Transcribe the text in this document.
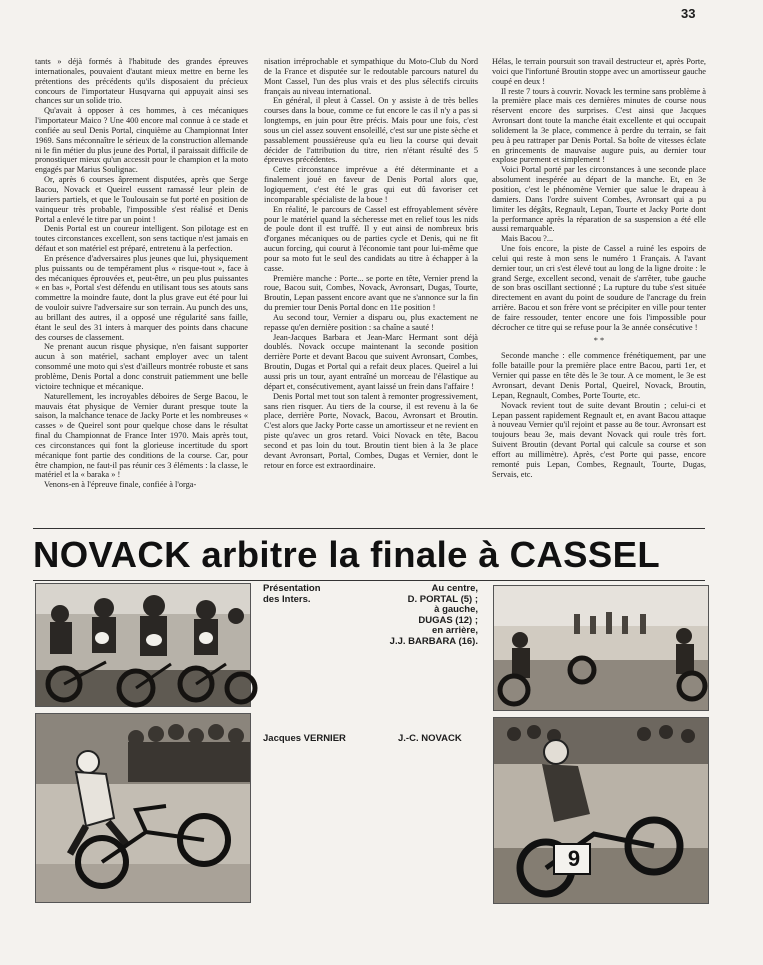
33

tants » déjà formés à l'habitude des grandes épreuves internationales, pouvaient d'autant mieux mettre en berne les prétentions des précédents qu'ils disposaient du précieux concours de l'importateur Husqvarna qui appuyait ainsi ses chances sur un solide trio.

Qu'avait à opposer à ces hommes, à ces mécaniques l'importateur Maico ? Une 400 encore mal connue à ce stade et confiée au seul Denis Portal, cinquième au Championnat Inter 1969. Sans méconnaître le sérieux de la construction allemande ni le fin métier du plus jeune des Portal, il paraissait difficile de pronostiquer mieux qu'un accessit pour le champion et la moto engagés par Marius Soulignac.

Or, après 6 courses âprement disputées, après que Serge Bacou, Novack et Queirel eussent ramassé leur plein de lauriers partiels, et que le Toulousain se fut porté en position de vainqueur très probable, l'impossible s'est réalisé et Denis Portal a enlevé le titre par un point !

Denis Portal est un coureur intelligent. Son pilotage est en toutes circonstances excellent, son sens tactique n'est jamais en défaut et son matériel est préparé, entretenu à la perfection.

En présence d'adversaires plus jeunes que lui, physiquement plus puissants ou de tempérament plus « risque-tout », face à des mécaniques éprouvées et, peut-être, un peu plus puissantes « en bas », Portal s'est défendu en utilisant tous ses atouts sans commettre la moindre faute, dont la plus grave eut été pour lui de vouloir suivre l'adversaire sur son terrain. Au punch des uns, au brillant des autres, il a opposé une régularité sans faille, étant le seul des 31 inters à marquer des points dans chacune des courses de classement.

Ne prenant aucun risque physique, n'en faisant supporter aucun à son matériel, sachant employer avec un talent consommé une moto qui s'est d'ailleurs montrée robuste et sans problème, Denis Portal a donc construit patiemment une belle victoire technique et mécanique.

Naturellement, les incroyables déboires de Serge Bacou, le mauvais état physique de Vernier durant presque toute la saison, la malchance tenace de Jacky Porte et les nombreuses « casses » de Queirel sont pour quelque chose dans le résultat final du Championnat de France Inter 1970. Mais après tout, ces circonstances qui font la glorieuse incertitude du sport mécanique font partie des conditions de la course. Car, pour être champion, ne faut-il pas réunir ces 3 éléments : la classe, le matériel et la « baraka » !

Venons-en à l'épreuve finale, confiée à l'orga-

nisation irréprochable et sympathique du Moto-Club du Nord de la France et disputée sur le redoutable parcours naturel du Mont Cassel, l'un des plus vrais et des plus sélectifs circuits français au niveau international.

En général, il pleut à Cassel. On y assiste à de très belles courses dans la boue, comme ce fut encore le cas il n'y a pas si longtemps, en juin pour être précis. Mais pour une fois, c'est sous un ciel assez souvent ensoleillé, c'est sur une piste sèche et passablement poussiéreuse qu'a eu lieu la course qui devait décider de l'attribution du titre, rien n'étant résulté des 5 épreuves précédentes.

Cette circonstance imprévue a été déterminante et a finalement joué en faveur de Denis Portal alors que, logiquement, c'est été le gras qui eut dû favoriser cet incomparable spécialiste de la boue !

En réalité, le parcours de Cassel est effroyablement sévère pour le matériel quand la sécheresse met en relief tous les nids de poule dont il est truffé. Il y eut ainsi de nombreux bris d'organes mécaniques ou de parties cycle et Denis, qui ne fit aucun forcing, qui courut à l'économie tant pour lui-même que pour sa moto fut le seul des candidats au titre à échapper à la casse.

Première manche : Porte... se porte en tête, Vernier prend la roue, Bacou suit, Combes, Novack, Avronsart, Dugas, Tourte, Broutin, Lepan passent encore avant que ne s'annonce sur la fin du premier tour Denis Portal donc en 11e position !

Au second tour, Vernier a disparu ou, plus exactement ne repasse qu'en dernière position : sa chaîne a sauté !

Jean-Jacques Barbara et Jean-Marc Hermant sont déjà doublés. Novack occupe maintenant la seconde position derrière Porte et devant Bacou que suivent Avronsart, Combes, Broutin, Dugas et Portal qui a refait deux places. Queirel a lui aussi pris un tour, ayant entraîné un morceau de l'élastique au départ et, consécutivement, ayant laissé un frein dans l'affaire !

Denis Portal met tout son talent à remonter progressivement, sans rien risquer. Au tiers de la course, il est revenu à la 6e place, derrière Porte, Novack, Bacou, Avronsart et Broutin. C'est alors que Jacky Porte casse un amortisseur et ne revient en piste qu'avec un gros retard. Voici Novack en tête, Bacou second et pas loin du tout. Broutin tient bien à la 3e place devant Avronsart, Portal, Combes, Dugas et Vernier, dont le retour en force est extraordinaire.

Hélas, le terrain poursuit son travail destructeur et, après Porte, voici que l'infortuné Broutin stoppe avec un amortisseur gauche coupé en deux !

Il reste 7 tours à couvrir. Novack les termine sans problème à la première place mais ces dernières minutes de course nous réservent encore des surprises. C'est ainsi que Jacques Avronsart dont toute la manche était excellente et qui occupait solidement la 3e place, commence à perdre du terrain, se fait peu à peu rattraper par Denis Portal. Sa boîte de vitesses éclate en grincements de mauvaise augure puis, au dernier tour explose purement et simplement !

Voici Portal porté par les circonstances à une seconde place absolument inespérée au départ de la manche. Et, en 3e position, c'est le phénomène Vernier que salue le drapeau à damiers. Dans l'ordre suivent Combes, Avronsart qui a pu limiter les dégâts, Regnault, Lepan, Tourte et Jacky Porte dont la performance après la réparation de sa suspension a été elle aussi remarquable.

Mais Bacou ?...

Une fois encore, la piste de Cassel a ruiné les espoirs de celui qui reste à mon sens le numéro 1 Français. A l'avant dernier tour, un cri s'est élevé tout au long de la ligne droite : le grand Serge, excellent second, venait de s'arrêter, tube gauche de son bras oscillant sectionné ; La rupture du tube s'est située directement en avant du point de soudure de l'ancrage du frein arrière. Bacou et son frère vont se précipiter en ville pour tenter de faire ressouder, tenter encore une fois l'impossible pour décrocher ce titre qui se refuse pour la 3e année consécutive !

* *

Seconde manche : elle commence frénétiquement, par une folle bataille pour la première place entre Bacou, parti 1er, et Vernier qui passe en tête dès le 3e tour. A ce moment, le 3e est Avronsart, devant Denis Portal, Queirel, Novack, Broutin, Lepan, Regnault, Combes, Porte Tourte, etc.

Novack revient tout de suite devant Broutin ; celui-ci et Lepan passent rapidement Regnault et, en avant Bacou attaque à nouveau Vernier qu'il rejoint et passe au 8e tour. Avronsart est toujours beau 3e, mais devant Novack qui roule très fort. Suivent Broutin (devant Portal qui calcule sa course et son effort au millimètre). Après, c'est Porte qui passe, encore remonté puis Lepan, Combes, Regnault, Tourte, Dugas, Servais, etc.

NOVACK arbitre la finale à CASSEL
Présentation
des Inters.
Au centre,
D. PORTAL (5) ;
à gauche,
DUGAS (12) ;
en arrière,
J.J. BARBARA (16).
Jacques VERNIER	J.-C. NOVACK
9
